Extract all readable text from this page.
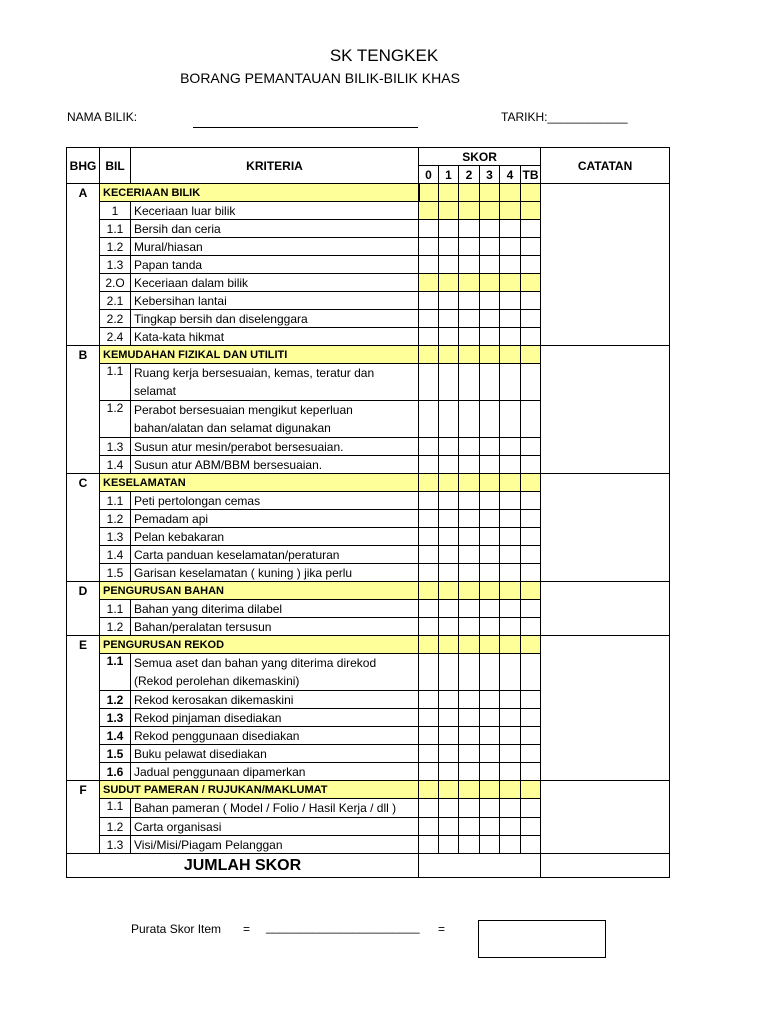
SK TENGKEK
BORANG PEMANTAUAN BILIK-BILIK KHAS
NAMA BILIK:	TARIKH:____________
BHG	BIL	KRITERIA	SKOR						CATATAN
			0	1	2	3	4	TB	
A	KECERIAAN BILIK								
	1	Keceriaan luar bilik							
	1.1	Bersih dan ceria							
	1.2	Mural/hiasan							
	1.3	Papan tanda							
	2.O	Keceriaan dalam bilik							
	2.1	Kebersihan lantai							
	2.2	Tingkap bersih dan diselenggara							
	2.4	Kata-kata hikmat							
B	KEMUDAHAN FIZIKAL DAN UTILITI								
	1.1	Ruang kerja bersesuaian, kemas, teratur dan selamat							
	1.2	Perabot bersesuaian mengikut keperluan bahan/alatan dan selamat digunakan							
	1.3	Susun atur mesin/perabot bersesuaian.							
	1.4	Susun atur ABM/BBM bersesuaian.							
C	KESELAMATAN								
	1.1	Peti pertolongan cemas							
	1.2	Pemadam api							
	1.3	Pelan kebakaran							
	1.4	Carta panduan keselamatan/peraturan							
	1.5	Garisan keselamatan ( kuning ) jika perlu							
D	PENGURUSAN BAHAN								
	1.1	Bahan yang diterima dilabel							
	1.2	Bahan/peralatan tersusun							
E	PENGURUSAN REKOD								
	1.1	Semua aset dan bahan yang diterima direkod (Rekod perolehan dikemaskini)							
	1.2	Rekod kerosakan dikemaskini							
	1.3	Rekod pinjaman disediakan							
	1.4	Rekod penggunaan disediakan							
	1.5	Buku pelawat disediakan							
	1.6	Jadual penggunaan dipamerkan							
F	SUDUT PAMERAN / RUJUKAN/MAKLUMAT								
	1.1	Bahan pameran ( Model / Folio / Hasil Kerja / dll )							
	1.2	Carta organisasi							
	1.3	Visi/Misi/Piagam Pelanggan							
JUMLAH SKOR									
Purata Skor Item = _______________________ =
